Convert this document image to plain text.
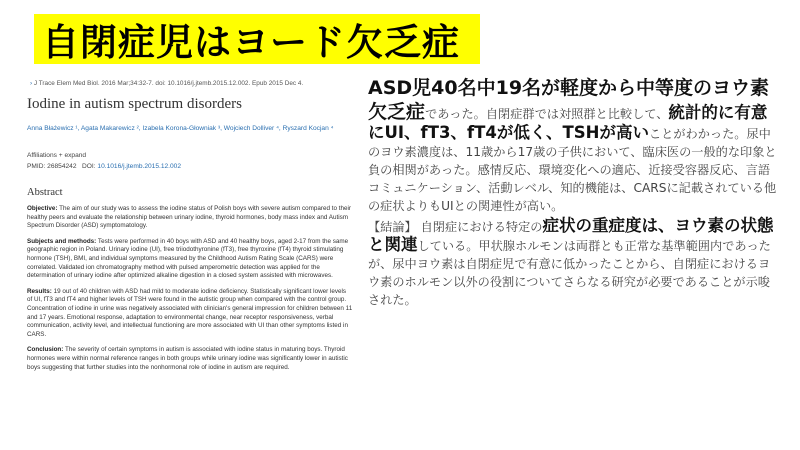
自閉症児はヨード欠乏症
› J Trace Elem Med Biol. 2016 Mar;34:32-7. doi: 10.1016/j.jtemb.2015.12.002. Epub 2015 Dec 4.
Iodine in autism spectrum disorders
Anna Błażewicz ¹, Agata Makarewicz ², Izabela Korona-Głowniak ³, Wojciech Dolliver ⁴, Ryszard Kocjan ⁴
Affiliations + expand
PMID: 26854242 DOI: 10.1016/j.jtemb.2015.12.002
Abstract

Objective: The aim of our study was to assess the iodine status of Polish boys with severe autism compared to their healthy peers and evaluate the relationship between urinary iodine, thyroid hormones, body mass index and Autism Spectrum Disorder (ASD) symptomatology.

Subjects and methods: Tests were performed in 40 boys with ASD and 40 healthy boys, aged 2-17 from the same geographic region in Poland. Urinary iodine (UI), free triiodothyronine (fT3), free thyroxine (fT4) thyroid stimulating hormone (TSH), BMI, and individual symptoms measured by the Childhood Autism Rating Scale (CARS) were correlated. Validated ion chromatography method with pulsed amperometric detection was applied for the determination of urinary iodine after optimized alkaline digestion in a closed system assisted with microwaves.

Results: 19 out of 40 children with ASD had mild to moderate iodine deficiency. Statistically significant lower levels of UI, fT3 and fT4 and higher levels of TSH were found in the autistic group when compared with the control group. Concentration of iodine in urine was negatively associated with clinician's general impression for children between 11 and 17 years. Emotional response, adaptation to environmental change, near receptor responsiveness, verbal communication, activity level, and intellectual functioning are more associated with UI than other symptoms listed in CARS.

Conclusion: The severity of certain symptoms in autism is associated with iodine status in maturing boys. Thyroid hormones were within normal reference ranges in both groups while urinary iodine was significantly lower in autistic boys suggesting that further studies into the nonhormonal role of iodine in autism are required.

ASD児40名中19名が軽度から中等度のヨウ素欠乏症であった。自閉症群では対照群と比較して、統計的に有意にUI、fT3、fT4が低く、TSHが高いことがわかった。尿中のヨウ素濃度は、11歳から17歳の子供において、臨床医の一般的な印象と負の相関があった。感情反応、環境変化への適応、近接受容器反応、言語コミュニケーション、活動レベル、知的機能は、CARSに記載されている他の症状よりもUIとの関連性が高い。

【結論】 自閉症における特定の症状の重症度は、ヨウ素の状態と関連している。甲状腺ホルモンは両群とも正常な基準範囲内であったが、尿中ヨウ素は自閉症児で有意に低かったことから、自閉症におけるヨウ素のホルモン以外の役割についてさらなる研究が必要であることが示唆された。
